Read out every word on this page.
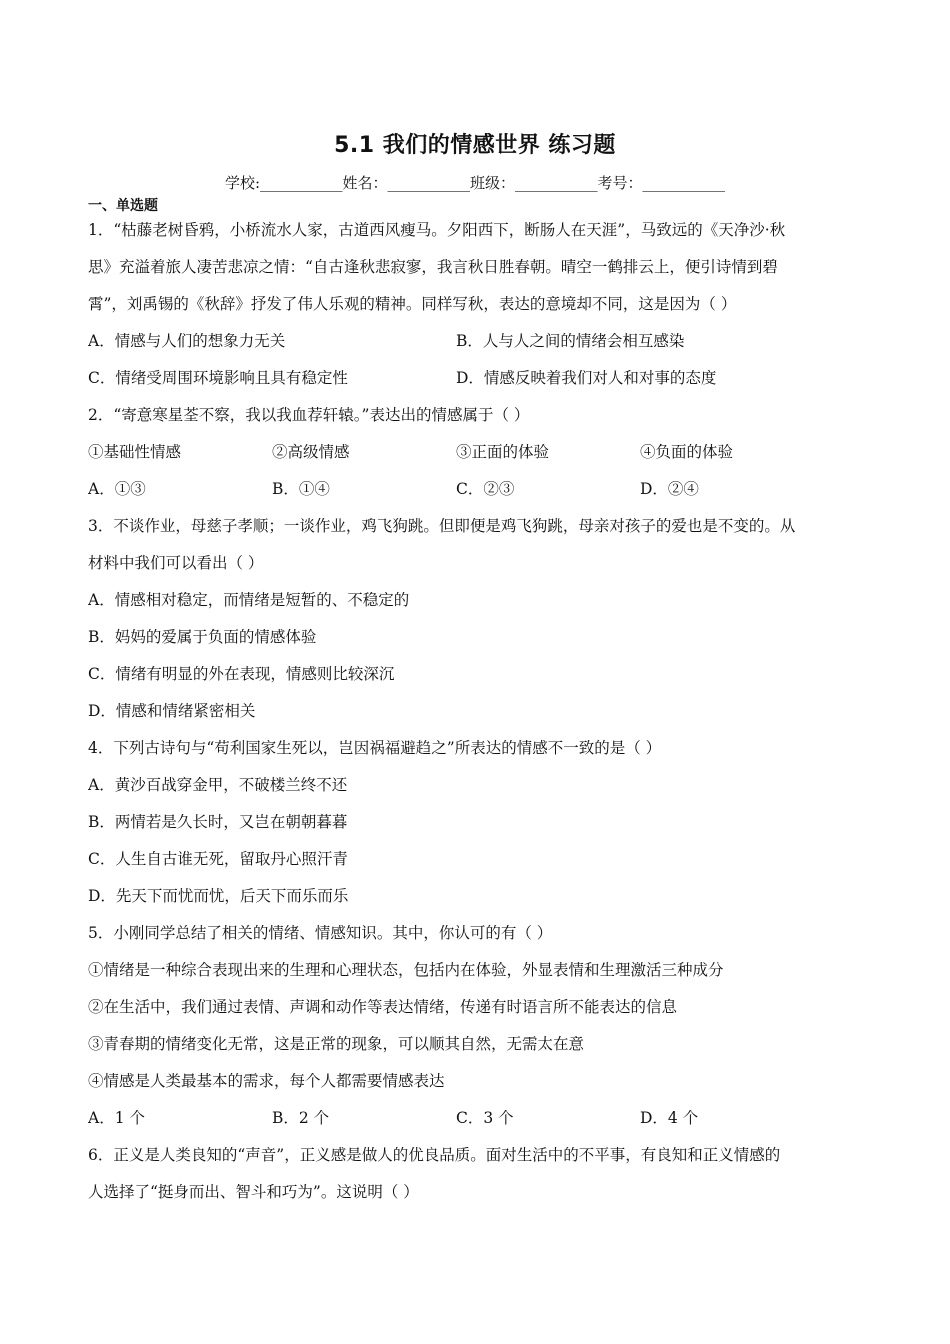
5.1 我们的情感世界 练习题
学校:___________姓名：___________班级：___________考号：___________
一、单选题
1．“枯藤老树昏鸦，小桥流水人家，古道西风瘦马。夕阳西下，断肠人在天涯”，马致远的《天净沙·秋
思》充溢着旅人凄苦悲凉之情：“自古逢秋悲寂寥，我言秋日胜春朝。晴空一鹤排云上，便引诗情到碧
霄”，刘禹锡的《秋辞》抒发了伟人乐观的精神。同样写秋，表达的意境却不同，这是因为（ ）
A．情感与人们的想象力无关	B．人与人之间的情绪会相互感染
C．情绪受周围环境影响且具有稳定性	D．情感反映着我们对人和对事的态度
2．“寄意寒星荃不察，我以我血荐轩辕。”表达出的情感属于（ ）
①基础性情感	②高级情感	③正面的体验	④负面的体验
A．①③	B．①④	C．②③	D．②④
3．不谈作业，母慈子孝顺；一谈作业，鸡飞狗跳。但即便是鸡飞狗跳，母亲对孩子的爱也是不变的。从
材料中我们可以看出（ ）
A．情感相对稳定，而情绪是短暂的、不稳定的
B．妈妈的爱属于负面的情感体验
C．情绪有明显的外在表现，情感则比较深沉
D．情感和情绪紧密相关
4．下列古诗句与“苟利国家生死以，岂因祸福避趋之”所表达的情感不一致的是（ ）
A．黄沙百战穿金甲，不破楼兰终不还
B．两情若是久长时，又岂在朝朝暮暮
C．人生自古谁无死，留取丹心照汗青
D．先天下而忧而忧，后天下而乐而乐
5．小刚同学总结了相关的情绪、情感知识。其中，你认可的有（ ）
①情绪是一种综合表现出来的生理和心理状态，包括内在体验，外显表情和生理激活三种成分
②在生活中，我们通过表情、声调和动作等表达情绪，传递有时语言所不能表达的信息
③青春期的情绪变化无常，这是正常的现象，可以顺其自然，无需太在意
④情感是人类最基本的需求，每个人都需要情感表达
A．1 个	B．2 个	C．3 个	D．4 个
6．正义是人类良知的“声音”，正义感是做人的优良品质。面对生活中的不平事，有良知和正义情感的
人选择了“挺身而出、智斗和巧为”。这说明（ ）
